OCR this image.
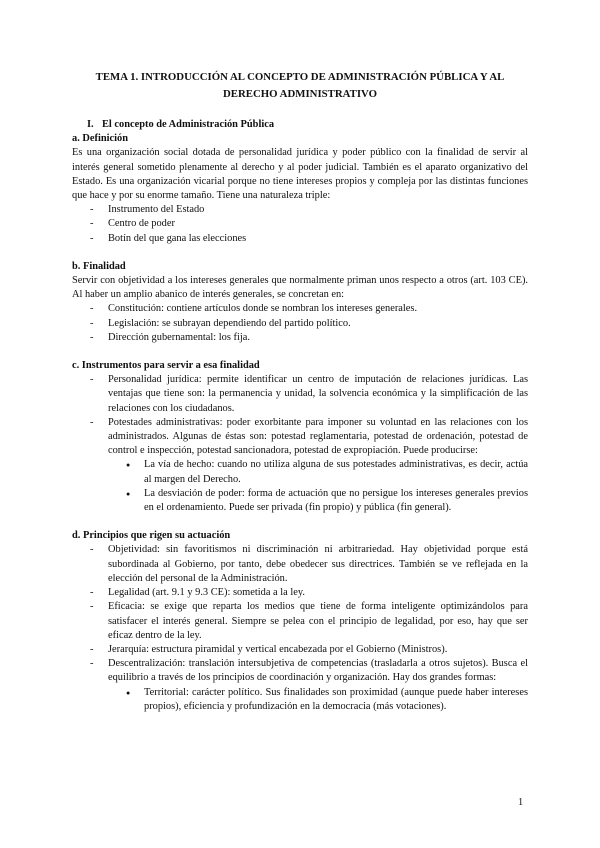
TEMA 1. INTRODUCCIÓN AL CONCEPTO DE ADMINISTRACIÓN PÚBLICA Y AL
DERECHO ADMINISTRATIVO
I. El concepto de Administración Pública
a. Definición

Es una organización social dotada de personalidad jurídica y poder público con la finalidad de servir al interés general sometido plenamente al derecho y al poder judicial. También es el aparato organizativo del Estado. Es una organización vicarial porque no tiene intereses propios y compleja por las distintas funciones que hace y por su enorme tamaño. Tiene una naturaleza triple:

- Instrumento del Estado
- Centro de poder
- Botín del que gana las elecciones
b. Finalidad

Servir con objetividad a los intereses generales que normalmente priman unos respecto a otros (art. 103 CE). Al haber un amplio abanico de interés generales, se concretan en:

- Constitución: contiene artículos donde se nombran los intereses generales.
- Legislación: se subrayan dependiendo del partido político.
- Dirección gubernamental: los fija.
c. Instrumentos para servir a esa finalidad
- Personalidad jurídica: permite identificar un centro de imputación de relaciones jurídicas. Las ventajas que tiene son: la permanencia y unidad, la solvencia económica y la simplificación de las relaciones con los ciudadanos.
- Potestades administrativas: poder exorbitante para imponer su voluntad en las relaciones con los administrados. Algunas de éstas son: potestad reglamentaria, potestad de ordenación, potestad de control e inspección, potestad sancionadora, potestad de expropiación. Puede producirse:
● La vía de hecho: cuando no utiliza alguna de sus potestades administrativas, es decir, actúa al margen del Derecho.
● La desviación de poder: forma de actuación que no persigue los intereses generales previos en el ordenamiento. Puede ser privada (fin propio) y pública (fin general).
d. Principios que rigen su actuación
- Objetividad: sin favoritismos ni discriminación ni arbitrariedad. Hay objetividad porque está subordinada al Gobierno, por tanto, debe obedecer sus directrices. También se ve reflejada en la elección del personal de la Administración.
- Legalidad (art. 9.1 y 9.3 CE): sometida a la ley.
- Eficacia: se exige que reparta los medios que tiene de forma inteligente optimizándolos para satisfacer el interés general. Siempre se pelea con el principio de legalidad, por eso, hay que ser eficaz dentro de la ley.
- Jerarquía: estructura piramidal y vertical encabezada por el Gobierno (Ministros).
- Descentralización: translación intersubjetiva de competencias (trasladarla a otros sujetos). Busca el equilibrio a través de los principios de coordinación y organización. Hay dos grandes formas:
● Territorial: carácter político. Sus finalidades son proximidad (aunque puede haber intereses propios), eficiencia y profundización en la democracia (más votaciones).
1
